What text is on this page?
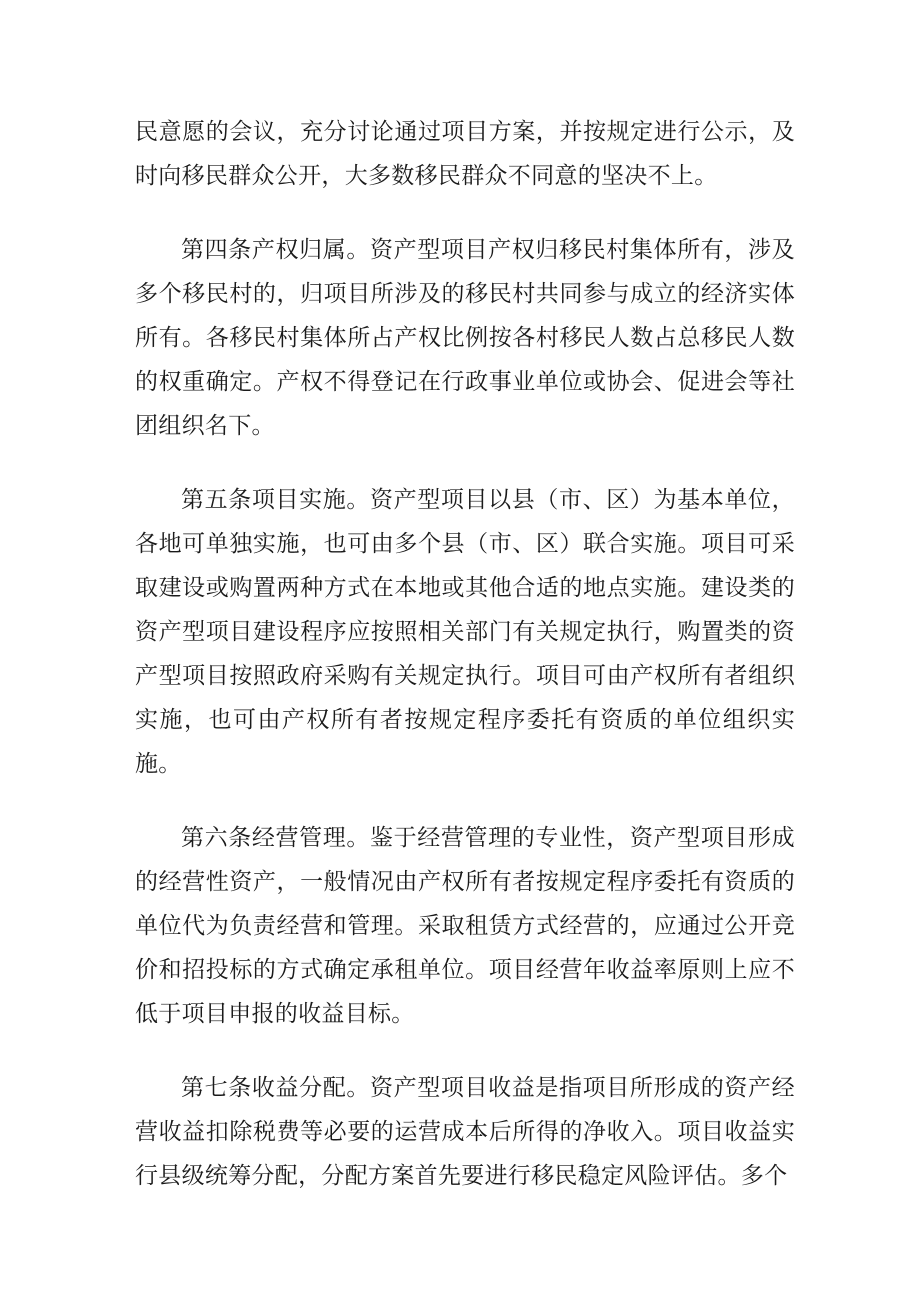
民意愿的会议，充分讨论通过项目方案，并按规定进行公示，及时向移民群众公开，大多数移民群众不同意的坚决不上。

第四条产权归属。资产型项目产权归移民村集体所有，涉及多个移民村的，归项目所涉及的移民村共同参与成立的经济实体所有。各移民村集体所占产权比例按各村移民人数占总移民人数的权重确定。产权不得登记在行政事业单位或协会、促进会等社团组织名下。

第五条项目实施。资产型项目以县（市、区）为基本单位，各地可单独实施，也可由多个县（市、区）联合实施。项目可采取建设或购置两种方式在本地或其他合适的地点实施。建设类的资产型项目建设程序应按照相关部门有关规定执行，购置类的资产型项目按照政府采购有关规定执行。项目可由产权所有者组织实施，也可由产权所有者按规定程序委托有资质的单位组织实施。

第六条经营管理。鉴于经营管理的专业性，资产型项目形成的经营性资产，一般情况由产权所有者按规定程序委托有资质的单位代为负责经营和管理。采取租赁方式经营的，应通过公开竞价和招投标的方式确定承租单位。项目经营年收益率原则上应不低于项目申报的收益目标。

第七条收益分配。资产型项目收益是指项目所形成的资产经营收益扣除税费等必要的运营成本后所得的净收入。项目收益实行县级统筹分配，分配方案首先要进行移民稳定风险评估。多个
